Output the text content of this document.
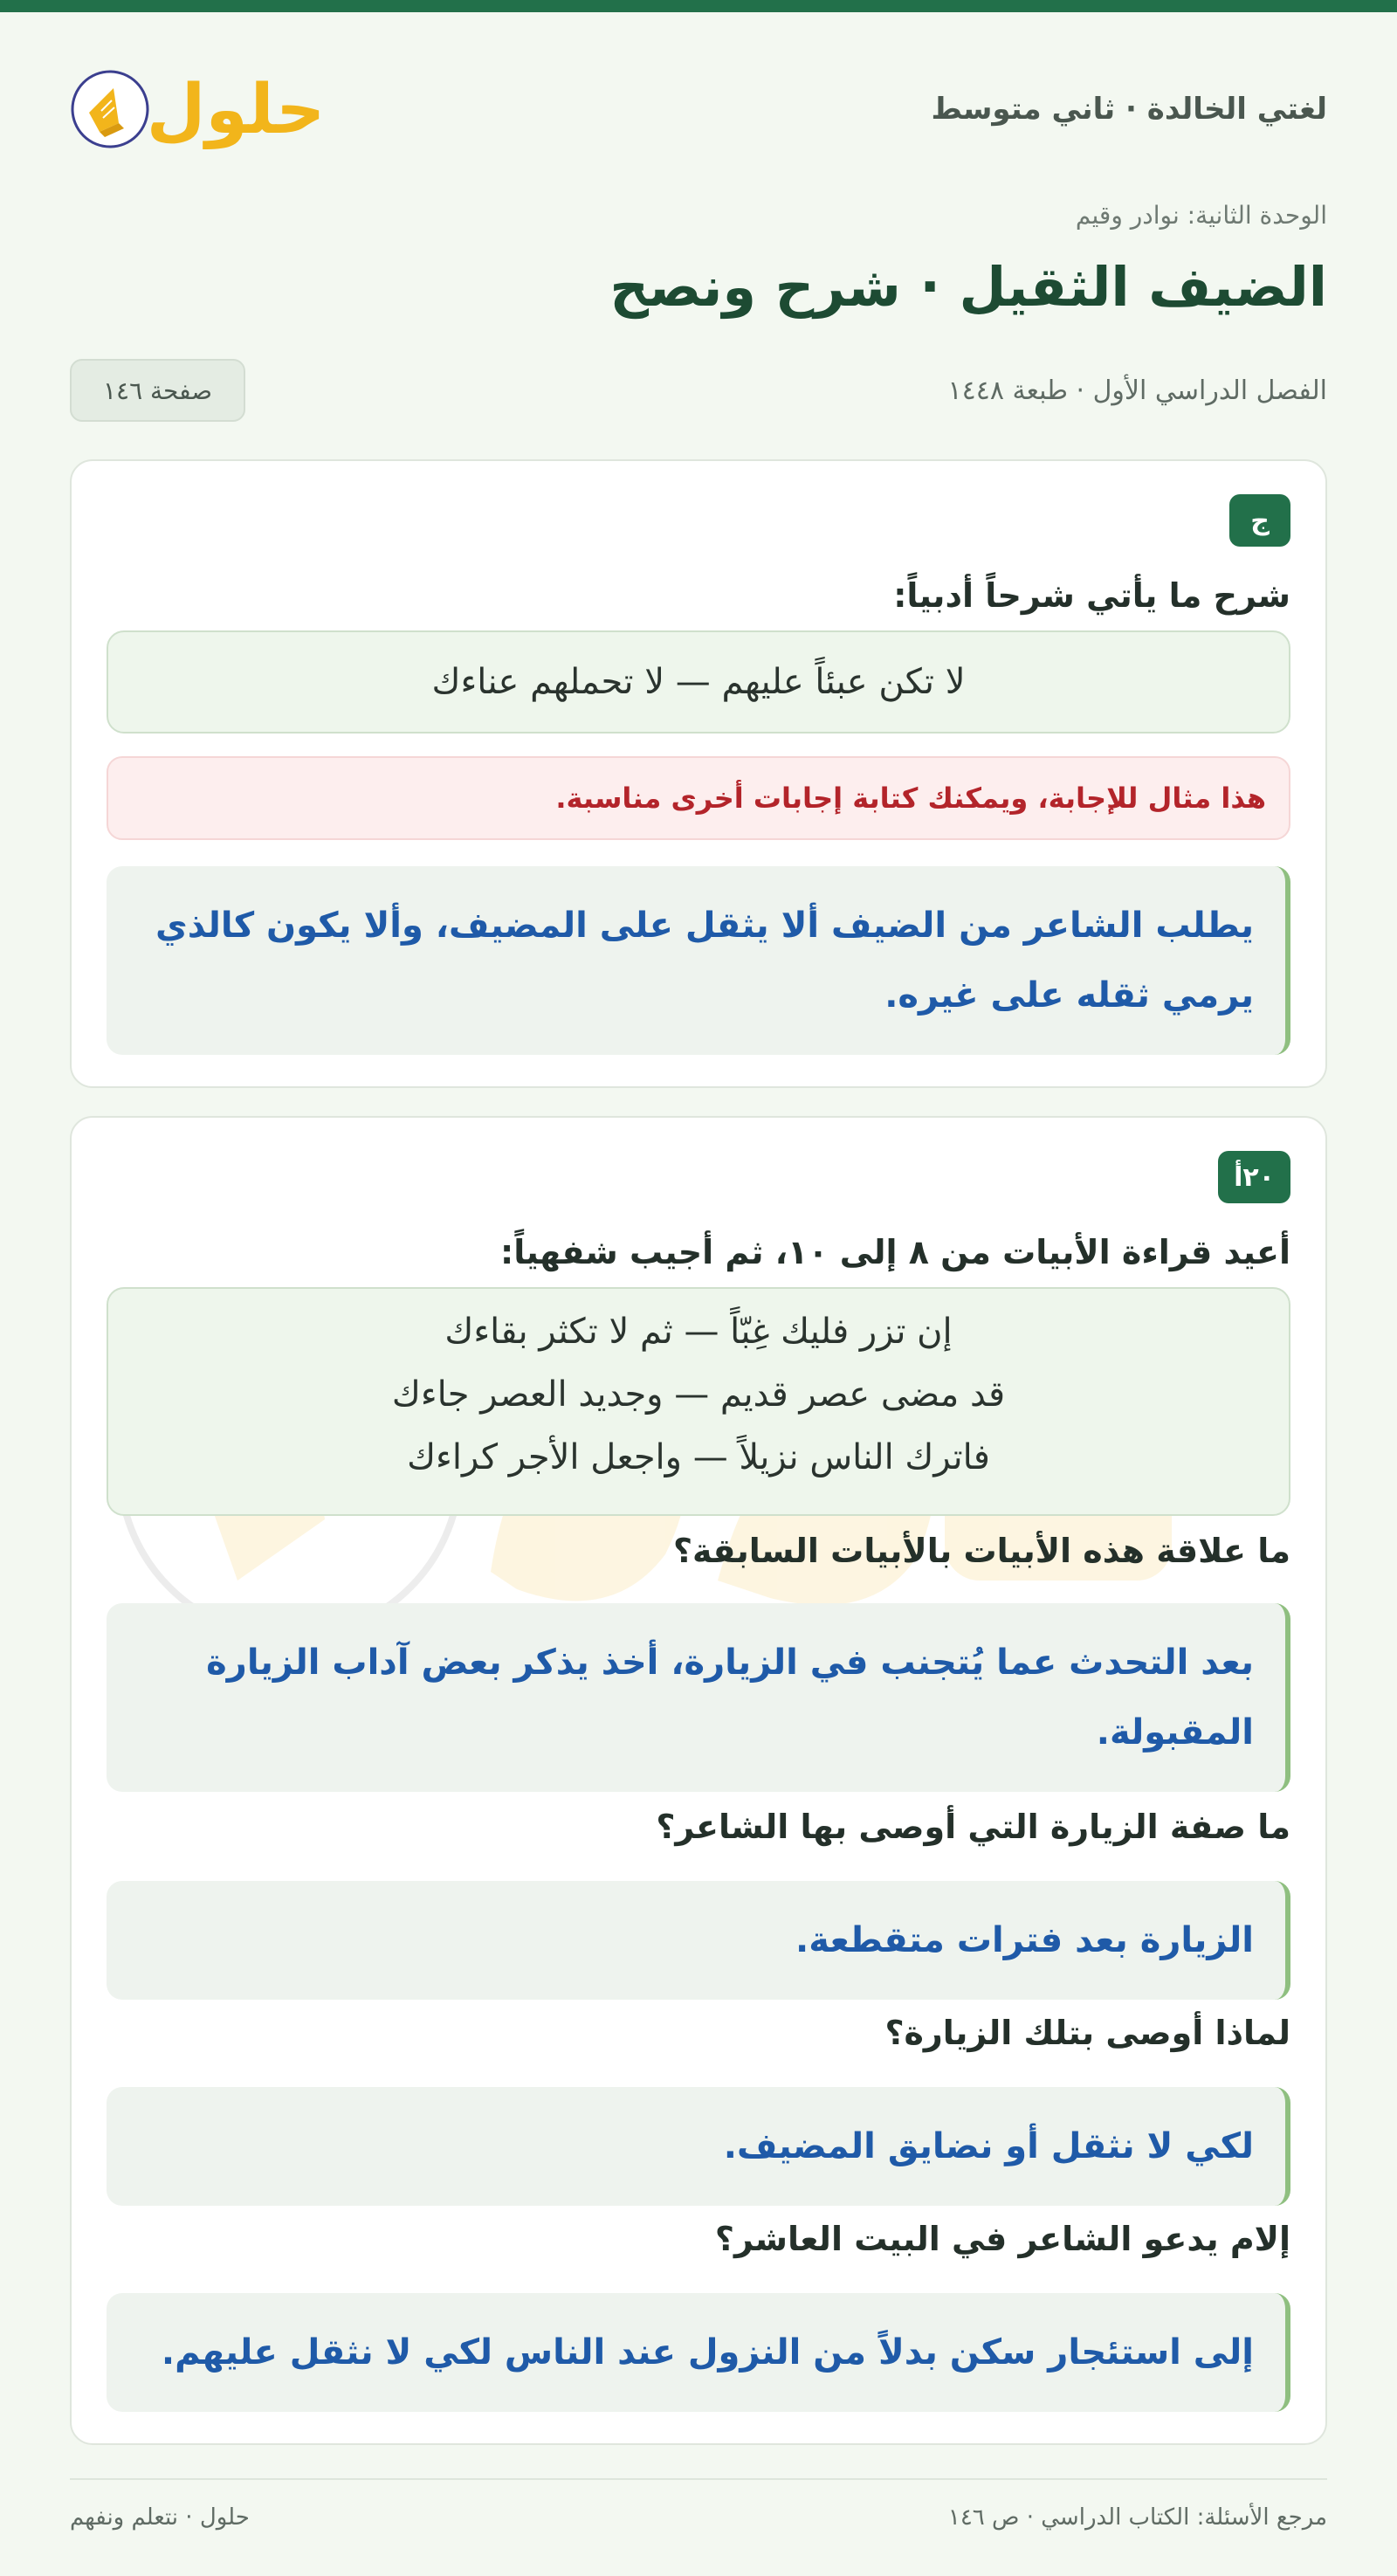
لغتي الخالدة · ثاني متوسط
حلول
الوحدة الثانية: نوادر وقيم
الضيف الثقيل · شرح ونصح
الفصل الدراسي الأول · طبعة ١٤٤٨
صفحة ١٤٦
ج
شرح ما يأتي شرحاً أدبياً:
لا تكن عبئاً عليهم — لا تحملهم عناءك
هذا مثال للإجابة، ويمكنك كتابة إجابات أخرى مناسبة.
يطلب الشاعر من الضيف ألا يثقل على المضيف، وألا يكون كالذي يرمي ثقله على غيره.
٢٠أ
أعيد قراءة الأبيات من ٨ إلى ١٠، ثم أجيب شفهياً:
إن تزر فليك غِبّاً — ثم لا تكثر بقاءك
قد مضى عصر قديم — وجديد العصر جاءك
فاترك الناس نزيلاً — واجعل الأجر كراءك
ما علاقة هذه الأبيات بالأبيات السابقة؟
بعد التحدث عما يُتجنب في الزيارة، أخذ يذكر بعض آداب الزيارة المقبولة.
ما صفة الزيارة التي أوصى بها الشاعر؟
الزيارة بعد فترات متقطعة.
لماذا أوصى بتلك الزيارة؟
لكي لا نثقل أو نضايق المضيف.
إلام يدعو الشاعر في البيت العاشر؟
إلى استئجار سكن بدلاً من النزول عند الناس لكي لا نثقل عليهم.
مرجع الأسئلة: الكتاب الدراسي · ص ١٤٦
حلول · نتعلم ونفهم
